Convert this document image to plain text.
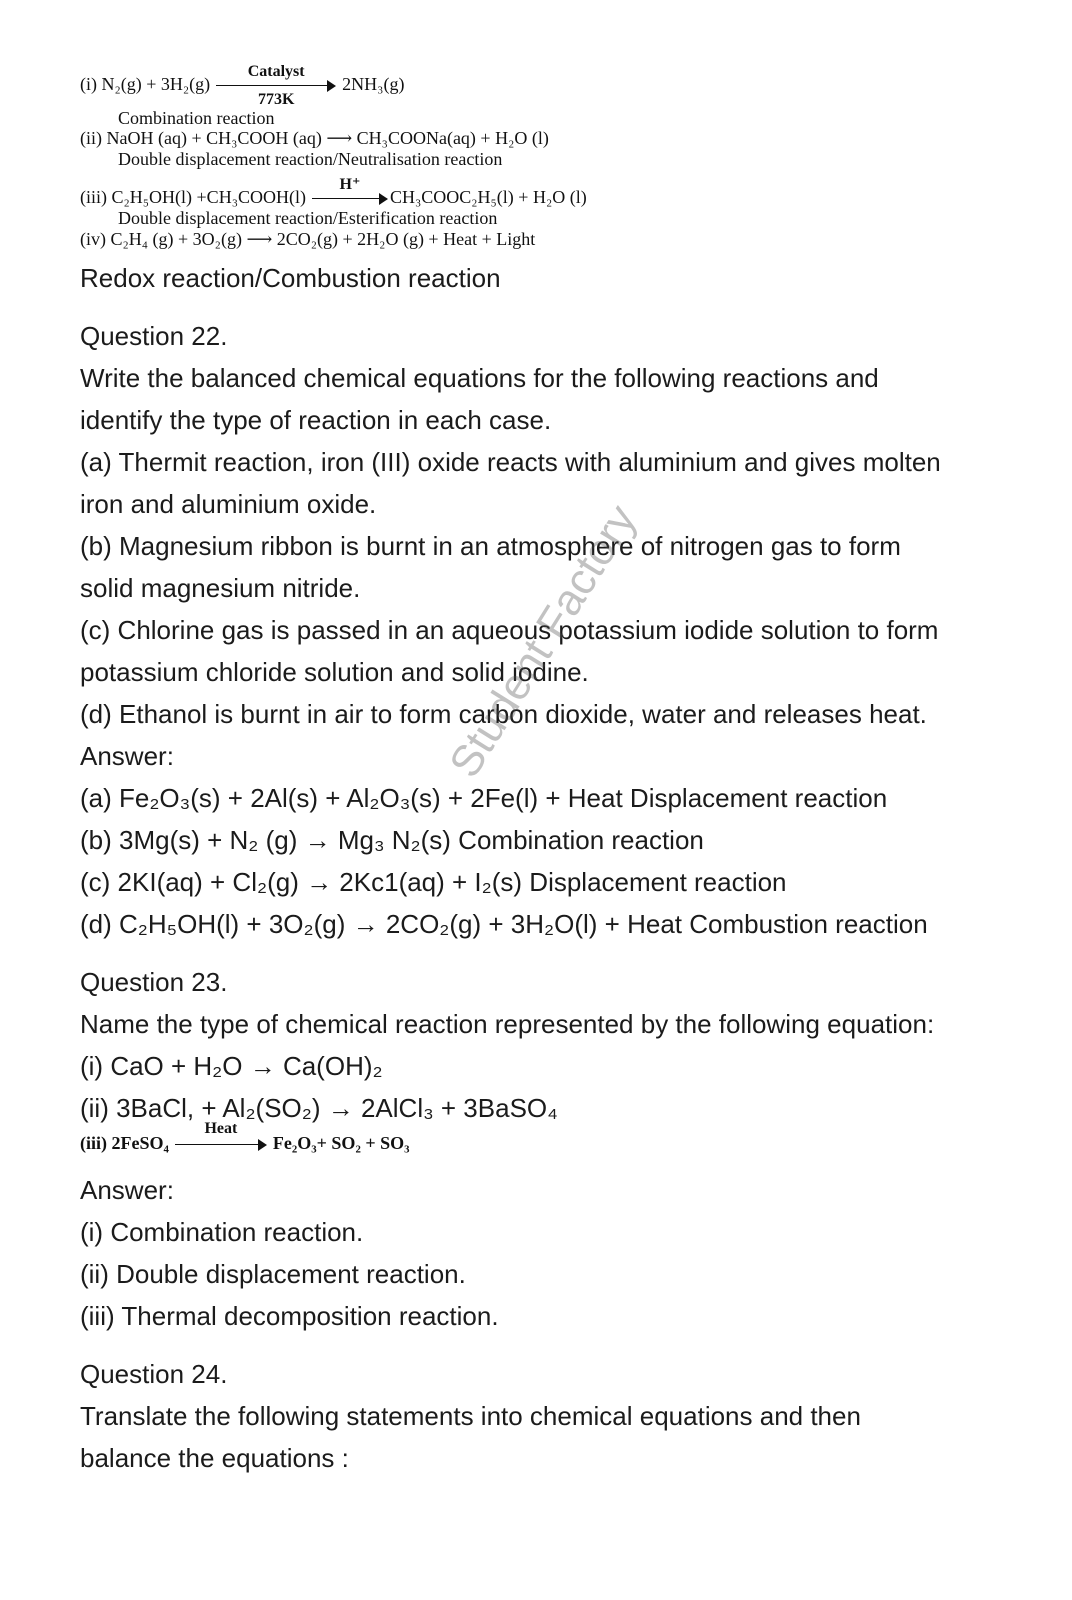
(i) N₂(g) + 3H₂(g)
Catalyst
773K
2NH₃(g)
Combination reaction
(ii) NaOH (aq) + CH₃COOH (aq) ⟶ CH₃COONa(aq) + H₂O (l)
Double displacement reaction/Neutralisation reaction
(iii) C₂H₅OH(l) +CH₃COOH(l)
H⁺
CH₃COOC₂H₅(l) + H₂O (l)
Double displacement reaction/Esterification reaction
(iv) C₂H₄ (g) + 3O₂(g) ⟶ 2CO₂(g) + 2H₂O (g) + Heat + Light
Redox reaction/Combustion reaction
Question 22.
Write the balanced chemical equations for the following reactions and
identify the type of reaction in each case.
(a) Thermit reaction, iron (III) oxide reacts with aluminium and gives molten
iron and aluminium oxide.
(b) Magnesium ribbon is burnt in an atmosphere of nitrogen gas to form
solid magnesium nitride.
(c) Chlorine gas is passed in an aqueous potassium iodide solution to form
potassium chloride solution and solid iodine.
(d) Ethanol is burnt in air to form carbon dioxide, water and releases heat.
Answer:
(a) Fe₂O₃(s) + 2Al(s) + Al₂O₃(s) + 2Fe(l) + Heat Displacement reaction
(b) 3Mg(s) + N₂ (g) → Mg₃ N₂(s) Combination reaction
(c) 2KI(aq) + Cl₂(g) → 2Kc1(aq) + I₂(s) Displacement reaction
(d) C₂H₅OH(l) + 3O₂(g) → 2CO₂(g) + 3H₂O(l) + Heat Combustion reaction
Question 23.
Name the type of chemical reaction represented by the following equation:
(i) CaO + H₂O → Ca(OH)₂
(ii) 3BaCl, + Al₂(SO₂) → 2AlCl₃ + 3BaSO₄
Answer:
(i) Combination reaction.
(ii) Double displacement reaction.
(iii) Thermal decomposition reaction.
Question 24.
Translate the following statements into chemical equations and then
balance the equations :
(iii) 2FeSO₄
Heat
Fe₂O₃+ SO₂ + SO₃
Student Factory
